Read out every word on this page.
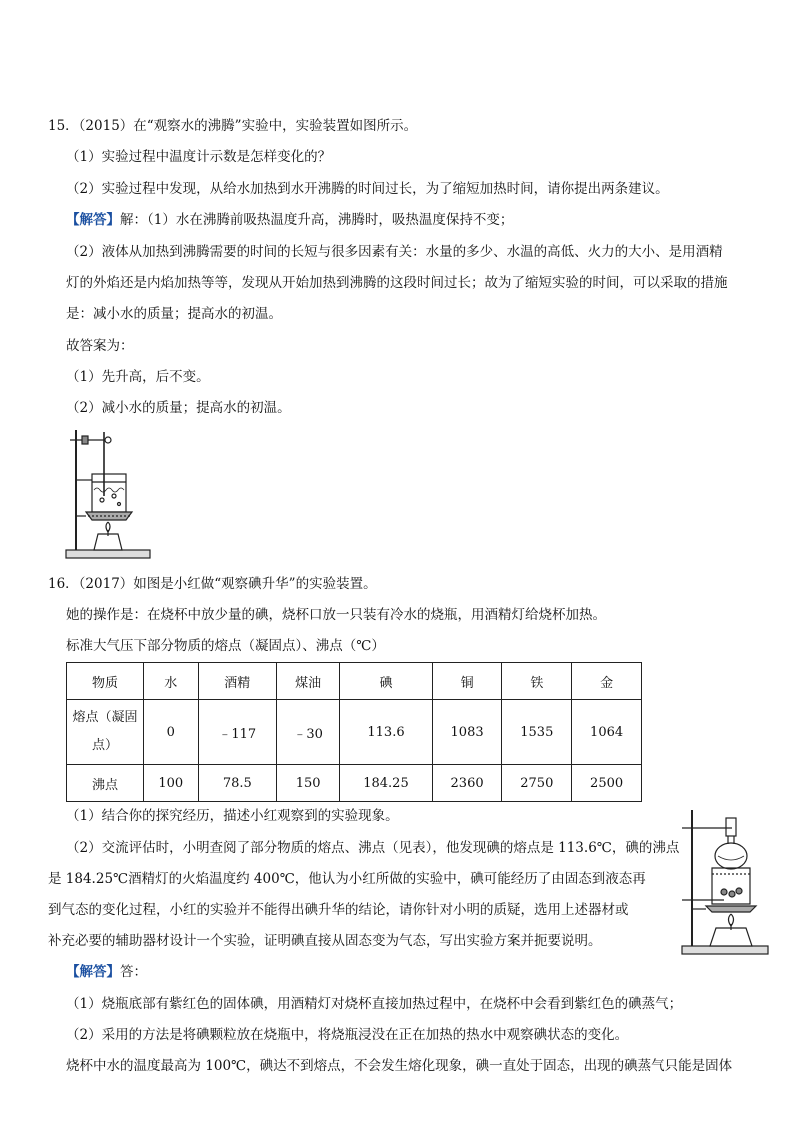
15．（2015）在“观察水的沸腾”实验中，实验装置如图所示。
（1）实验过程中温度计示数是怎样变化的？
（2）实验过程中发现，从给水加热到水开沸腾的时间过长，为了缩短加热时间，请你提出两条建议。
【解答】解：（1）水在沸腾前吸热温度升高，沸腾时，吸热温度保持不变；
（2）液体从加热到沸腾需要的时间的长短与很多因素有关：水量的多少、水温的高低、火力的大小、是用酒精
灯的外焰还是内焰加热等等，发现从开始加热到沸腾的这段时间过长；故为了缩短实验的时间，可以采取的措施
是：减小水的质量；提高水的初温。
故答案为：
（1）先升高，后不变。
（2）减小水的质量；提高水的初温。
16．（2017）如图是小红做“观察碘升华”的实验装置。
她的操作是：在烧杯中放少量的碘，烧杯口放一只装有冷水的烧瓶，用酒精灯给烧杯加热。
标准大气压下部分物质的熔点（凝固点）、沸点（℃）
物质	水	酒精	煤油	碘	铜	铁	金
熔点（凝固点）	0	﹣117	﹣30	113.6	1083	1535	1064
沸点	100	78.5	150	184.25	2360	2750	2500
（1）结合你的探究经历，描述小红观察到的实验现象。
（2）交流评估时，小明查阅了部分物质的熔点、沸点（见表），他发现碘的熔点是 113.6℃，碘的沸点
是 184.25℃酒精灯的火焰温度约 400℃，他认为小红所做的实验中，碘可能经历了由固态到液态再
到气态的变化过程，小红的实验并不能得出碘升华的结论，请你针对小明的质疑，选用上述器材或
补充必要的辅助器材设计一个实验，证明碘直接从固态变为气态，写出实验方案并扼要说明。
【解答】答：
（1）烧瓶底部有紫红色的固体碘，用酒精灯对烧杯直接加热过程中，在烧杯中会看到紫红色的碘蒸气；
（2）采用的方法是将碘颗粒放在烧瓶中，将烧瓶浸没在正在加热的热水中观察碘状态的变化。
烧杯中水的温度最高为 100℃，碘达不到熔点，不会发生熔化现象，碘一直处于固态，出现的碘蒸气只能是固体
